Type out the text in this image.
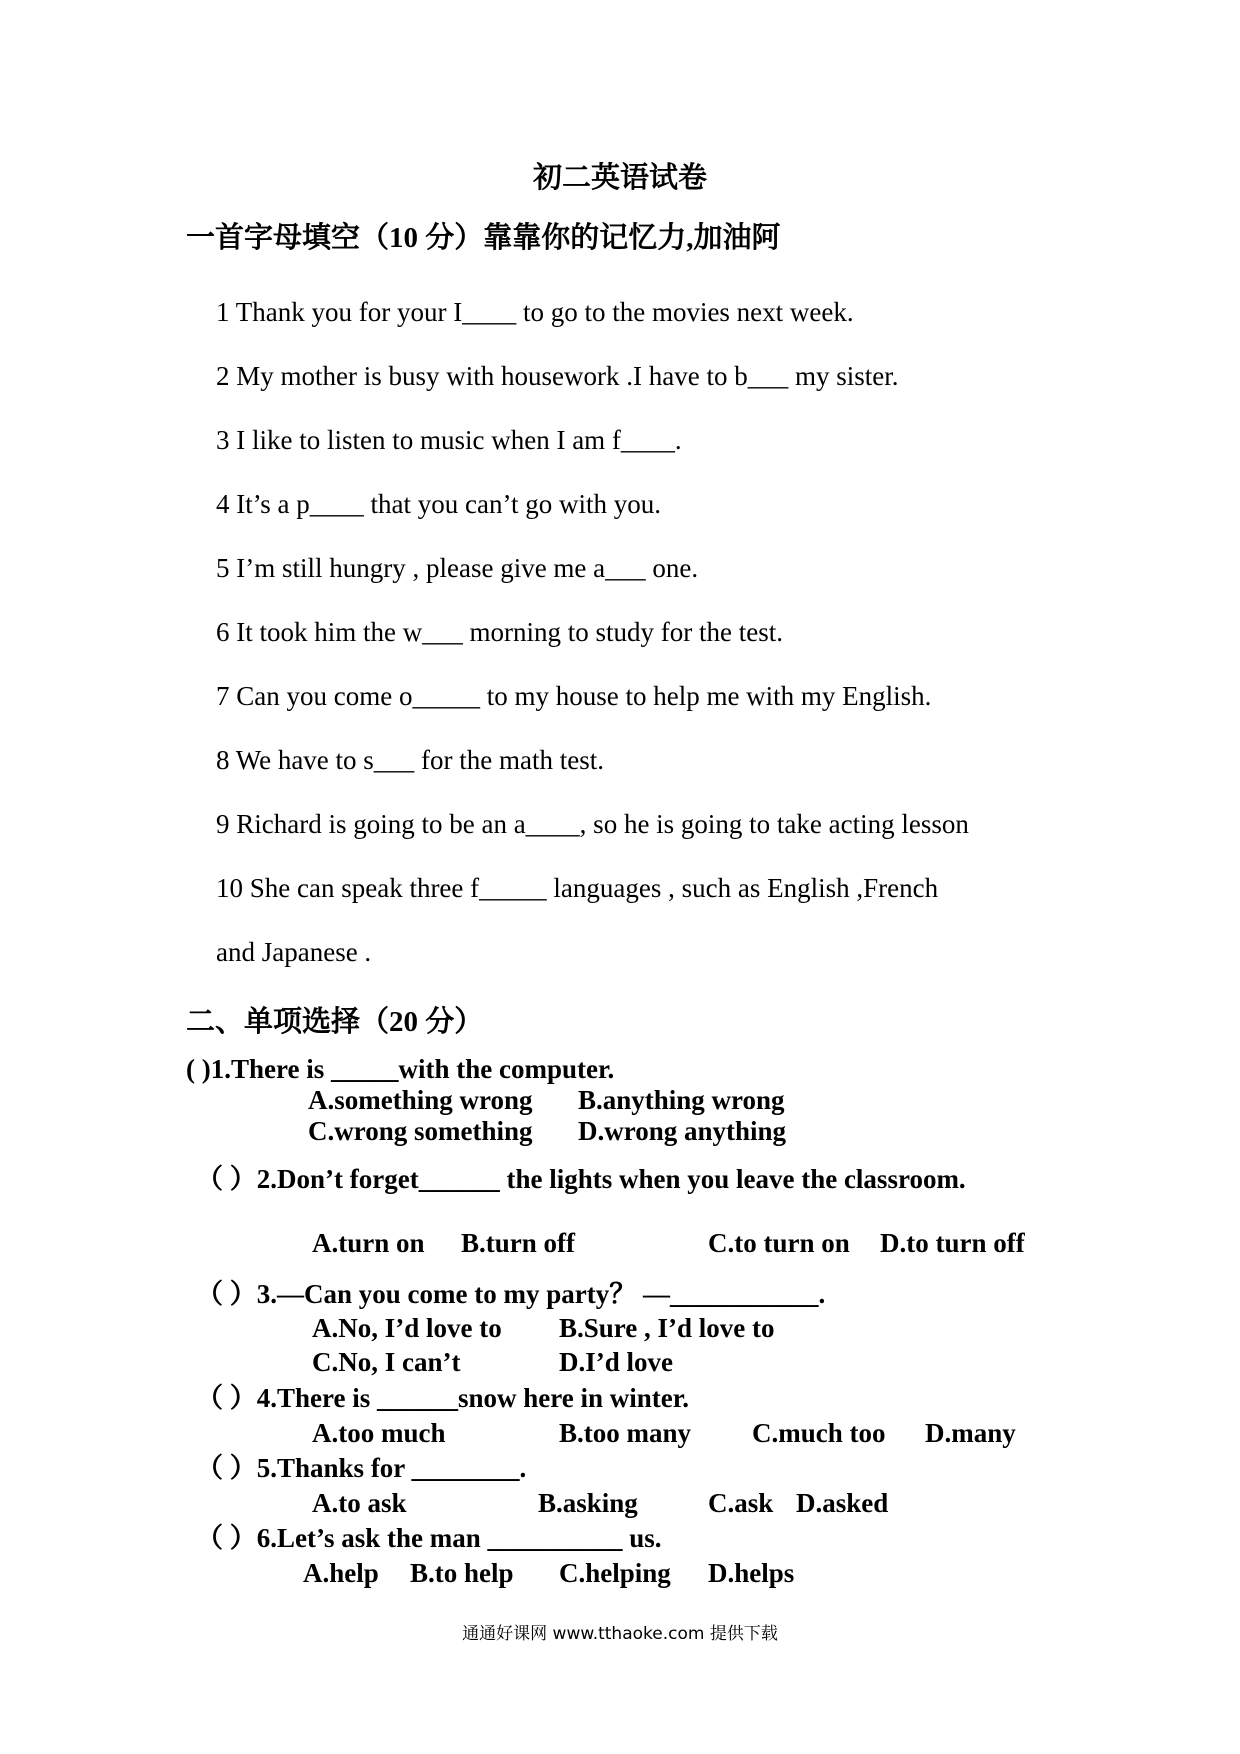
初二英语试卷
一首字母填空（10 分）靠靠你的记忆力,加油阿
1 Thank you for your I____ to go to the movies next week.
2 My mother is busy with housework .I have to b___ my sister.
3 I like to listen to music when I am f____.
4 It’s a p____ that you can’t go with you.
5 I’m still hungry , please give me a___ one.
6 It took him the w___ morning to study for the test.
7 Can you come o_____ to my house to help me with my English.
8 We have to s___ for the math test.
9 Richard is going to be an a____, so he is going to take acting lesson
10 She can speak three f_____ languages , such as English ,French
and Japanese .
二、单项选择（20 分）
( )1.There is _____with the computer.
A.something wrong B.anything wrong
C.wrong something D.wrong anything
（ ）2.Don’t forget______ the lights when you leave the classroom.
A.turn on B.turn off	C.to turn on D.to turn off
（ ）3.—Can you come to my party？ —___________.
A.No, I’d love to B.Sure , I’d love to
C.No, I can’t	D.I’d love
（ ）4.There is ______snow here in winter.
A.too much	B.too many C.much too D.many
（ ）5.Thanks for ________.
A.to ask	B.asking	C.ask D.asked
（ ）6.Let’s ask the man __________ us.
A.help B.to help C.helping D.helps
通通好课网 www.tthaoke.com 提供下载
